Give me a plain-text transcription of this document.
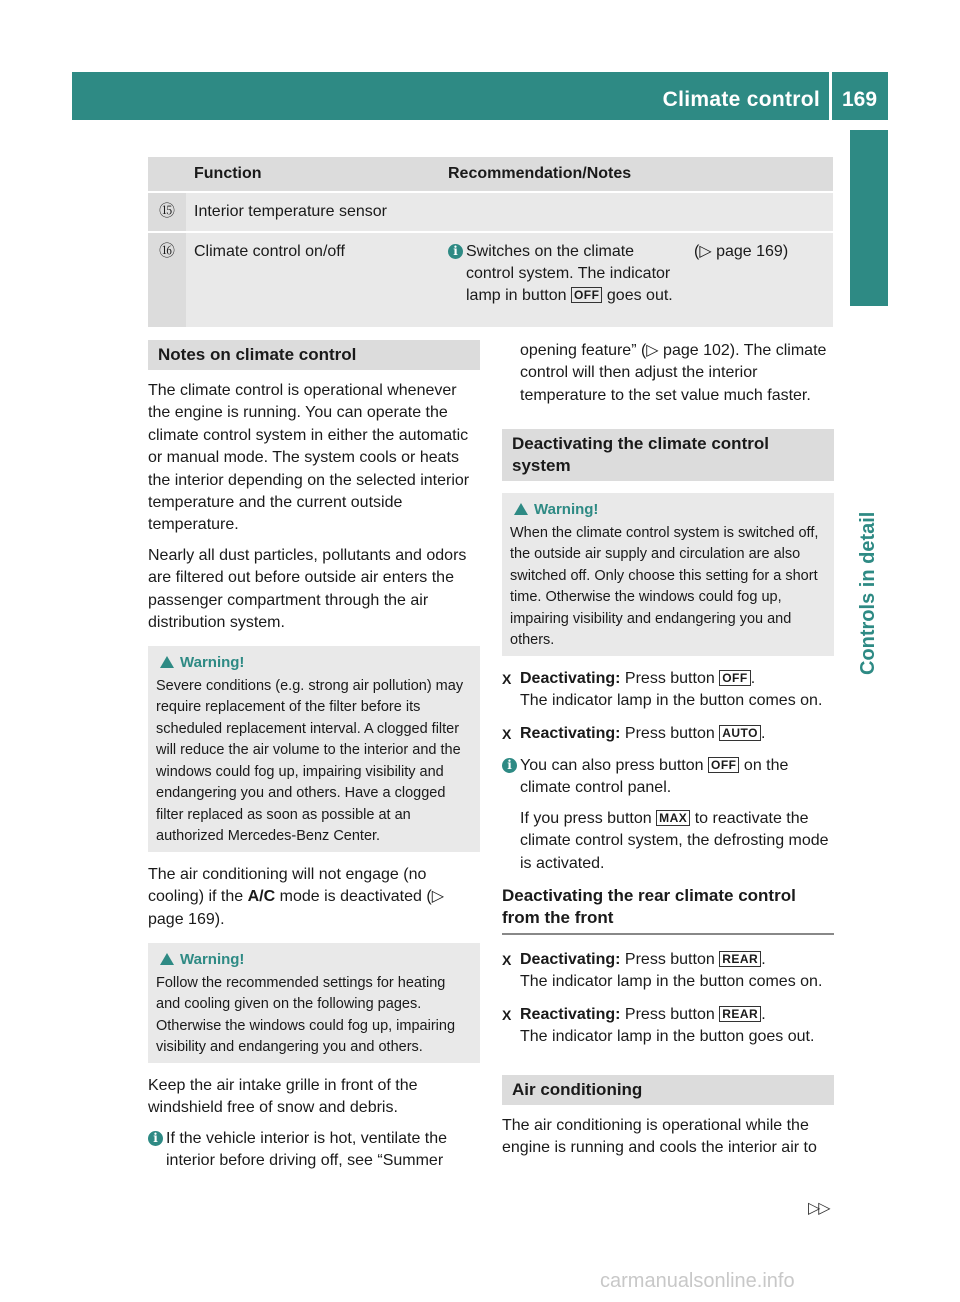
Climate control 169
Controls in detail
	Function	Recommendation/Notes	
⑮	Interior temperature sensor		
⑯	Climate control on/off	i Switches on the climate control system. The indicator lamp in button OFF goes out.	(▷ page 169)
Notes on climate control

The climate control is operational whenever the engine is running. You can operate the climate control system in either the automatic or manual mode. The system cools or heats the interior depending on the selected interior temperature and the current outside temperature.

Nearly all dust particles, pollutants and odors are filtered out before outside air enters the passenger compartment through the air distribution system.

Warning!
Severe conditions (e.g. strong air pollution) may require replacement of the filter before its scheduled replacement interval. A clogged filter will reduce the air volume to the interior and the windows could fog up, impairing visibility and endangering you and others. Have a clogged filter replaced as soon as possible at an authorized Mercedes-Benz Center.

The air conditioning will not engage (no cooling) if the A/C mode is deactivated (▷ page 169).

Warning!
Follow the recommended settings for heating and cooling given on the following pages. Otherwise the windows could fog up, impairing visibility and endangering you and others.

Keep the air intake grille in front of the windshield free of snow and debris.

i If the vehicle interior is hot, ventilate the interior before driving off, see “Summer
opening feature” (▷ page 102). The climate control will then adjust the interior temperature to the set value much faster.
Deactivating the climate control system
Warning!
When the climate control system is switched off, the outside air supply and circulation are also switched off. Only choose this setting for a short time. Otherwise the windows could fog up, impairing visibility and endangering you and others.
X Deactivating: Press button OFF .
The indicator lamp in the button comes on.
X Reactivating: Press button AUTO .
i You can also press button OFF on the climate control panel.
If you press button MAX to reactivate the climate control system, the defrosting mode is activated.
Deactivating the rear climate control from the front
X Deactivating: Press button REAR .
The indicator lamp in the button comes on.
X Reactivating: Press button REAR .
The indicator lamp in the button goes out.
Air conditioning

The air conditioning is operational while the engine is running and cools the interior air to

▷▷
carmanualsonline.info
